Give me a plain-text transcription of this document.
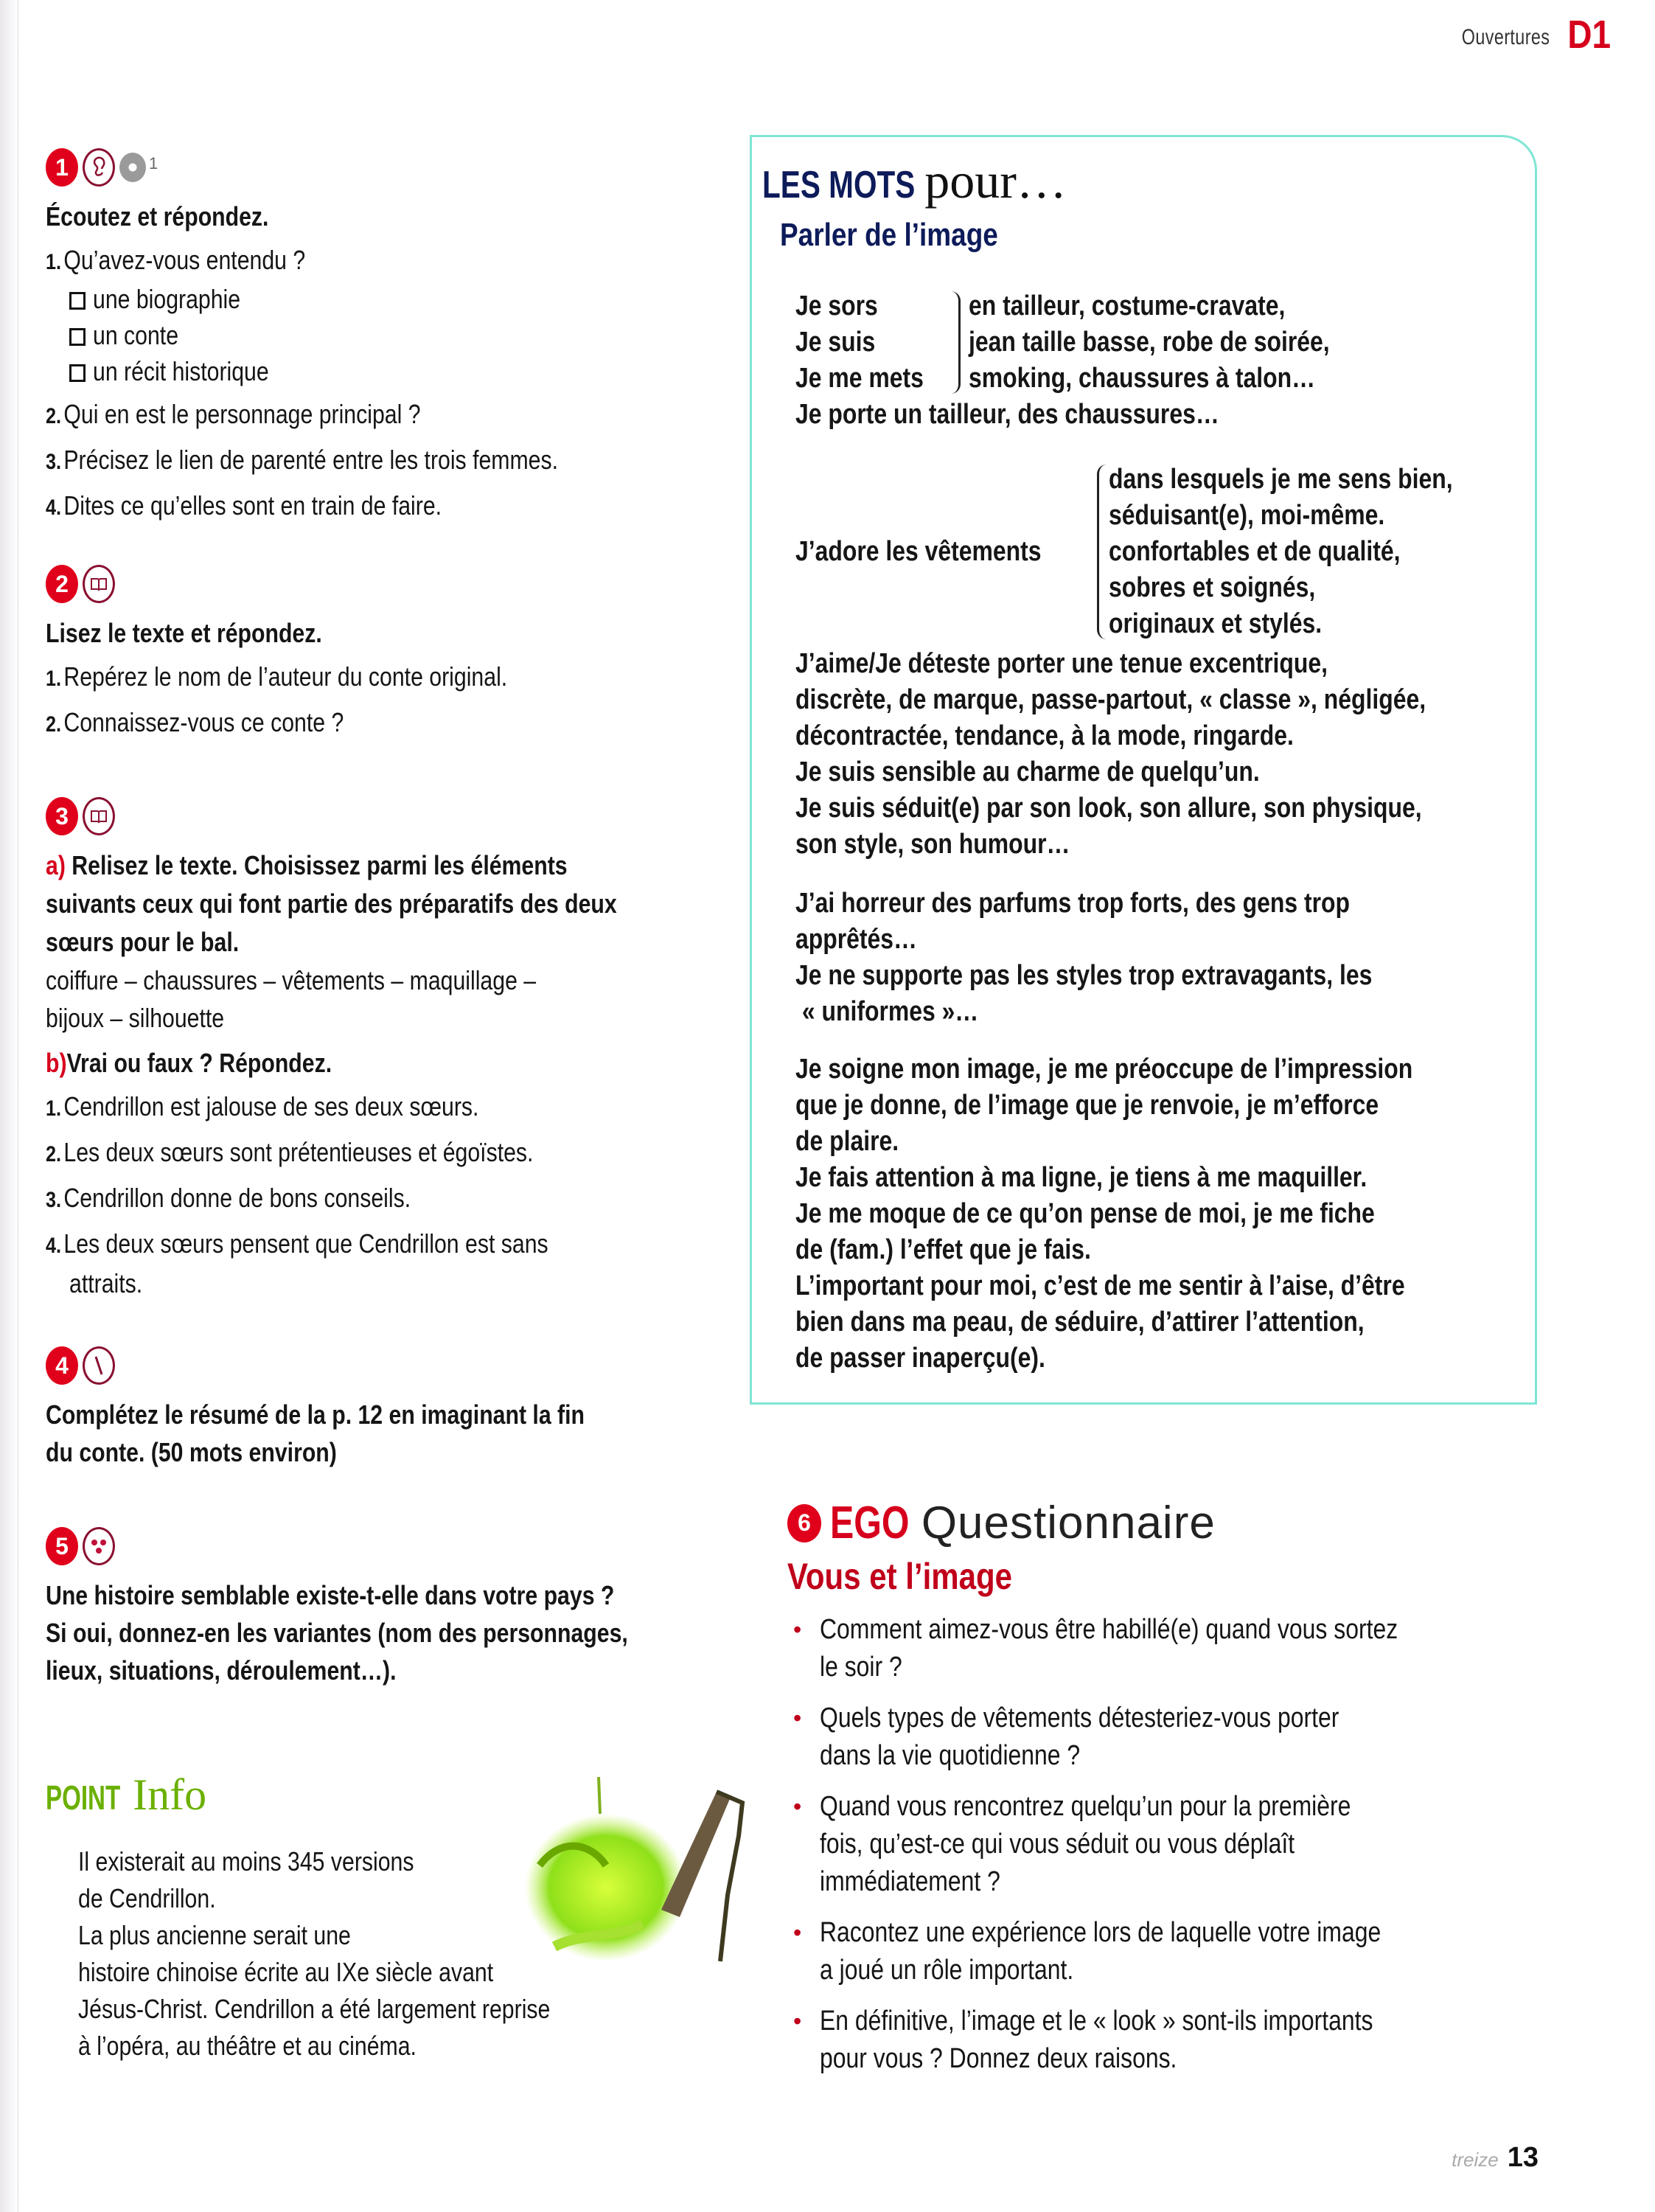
Ouvertures D1
1	1
Écoutez et répondez.
1.Qu’avez-vous entendu ?
une biographie
un conte
un récit historique
2.Qui en est le personnage principal ?
3.Précisez le lien de parenté entre les trois femmes.
4.Dites ce qu’elles sont en train de faire.
2
Lisez le texte et répondez.
1.Repérez le nom de l’auteur du conte original.
2.Connaissez-vous ce conte ?
3
a) Relisez le texte. Choisissez parmi les éléments
suivants ceux qui font partie des préparatifs des deux
sœurs pour le bal.
coiffure – chaussures – vêtements – maquillage –
bijoux – silhouette
b)Vrai ou faux ? Répondez.
1.Cendrillon est jalouse de ses deux sœurs.
2.Les deux sœurs sont prétentieuses et égoïstes.
3.Cendrillon donne de bons conseils.
4.Les deux sœurs pensent que Cendrillon est sans
attraits.
4
Complétez le résumé de la p. 12 en imaginant la fin
du conte. (50 mots environ)
5
Une histoire semblable existe-t-elle dans votre pays ?
Si oui, donnez-en les variantes (nom des personnages,
lieux, situations, déroulement…).
POINT Info
Il existerait au moins 345 versions
de Cendrillon.
La plus ancienne serait une
histoire chinoise écrite au IXe siècle avant
Jésus-Christ. Cendrillon a été largement reprise
à l’opéra, au théâtre et au cinéma.
LES MOTS pour…
Parler de l’image
Je sors
Je suis
Je me mets
en tailleur, costume-cravate,
jean taille basse, robe de soirée,
smoking, chaussures à talon…
Je porte un tailleur, des chaussures…
J’adore les vêtements
dans lesquels je me sens bien,
séduisant(e), moi-même.
confortables et de qualité,
sobres et soignés,
originaux et stylés.
J’aime/Je déteste porter une tenue excentrique,
discrète, de marque, passe-partout, « classe », négligée,
décontractée, tendance, à la mode, ringarde.
Je suis sensible au charme de quelqu’un.
Je suis séduit(e) par son look, son allure, son physique,
son style, son humour…
J’ai horreur des parfums trop forts, des gens trop
apprêtés…
Je ne supporte pas les styles trop extravagants, les
« uniformes »…
Je soigne mon image, je me préoccupe de l’impression
que je donne, de l’image que je renvoie, je m’efforce
de plaire.
Je fais attention à ma ligne, je tiens à me maquiller.
Je me moque de ce qu’on pense de moi, je me fiche
de (fam.) l’effet que je fais.
L’important pour moi, c’est de me sentir à l’aise, d’être
bien dans ma peau, de séduire, d’attirer l’attention,
de passer inaperçu(e).
6 EGO Questionnaire
Vous et l’image
• Comment aimez-vous être habillé(e) quand vous sortez
le soir ?
• Quels types de vêtements détesteriez-vous porter
dans la vie quotidienne ?
• Quand vous rencontrez quelqu’un pour la première
fois, qu’est-ce qui vous séduit ou vous déplaît
immédiatement ?
• Racontez une expérience lors de laquelle votre image
a joué un rôle important.
• En définitive, l’image et le « look » sont-ils importants
pour vous ? Donnez deux raisons.
treize 13
